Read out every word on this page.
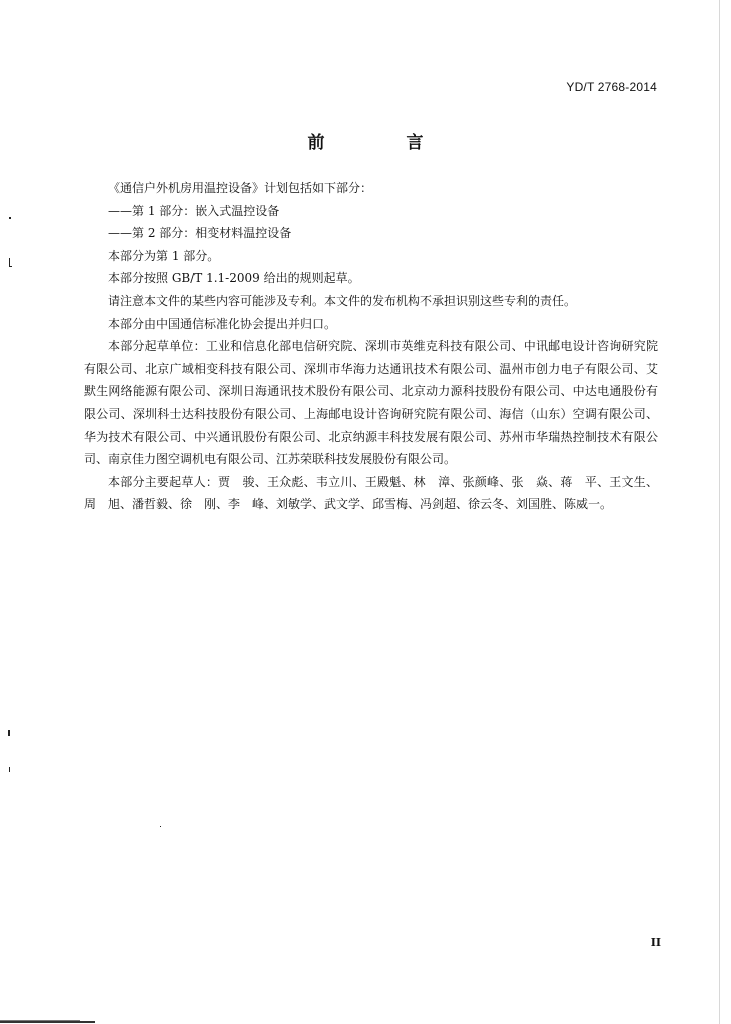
YD/T 2768-2014
前 言

《通信户外机房用温控设备》计划包括如下部分：

——第 1 部分：嵌入式温控设备

——第 2 部分：相变材料温控设备

本部分为第 1 部分。

本部分按照 GB/T 1.1-2009 给出的规则起草。

请注意本文件的某些内容可能涉及专利。本文件的发布机构不承担识别这些专利的责任。

本部分由中国通信标准化协会提出并归口。

本部分起草单位：工业和信息化部电信研究院、深圳市英维克科技有限公司、中讯邮电设计咨询研究院有限公司、北京广域相变科技有限公司、深圳市华海力达通讯技术有限公司、温州市创力电子有限公司、艾默生网络能源有限公司、深圳日海通讯技术股份有限公司、北京动力源科技股份有限公司、中达电通股份有限公司、深圳科士达科技股份有限公司、上海邮电设计咨询研究院有限公司、海信（山东）空调有限公司、华为技术有限公司、中兴通讯股份有限公司、北京纳源丰科技发展有限公司、苏州市华瑞热控制技术有限公司、南京佳力图空调机电有限公司、江苏荣联科技发展股份有限公司。

本部分主要起草人：贾　骏、王众彪、韦立川、王殿魁、林　漳、张颜峰、张　焱、蒋　平、王文生、周　旭、潘哲毅、徐　刚、李　峰、刘敏学、武文学、邱雪梅、冯剑超、徐云冬、刘国胜、陈威一。

II
